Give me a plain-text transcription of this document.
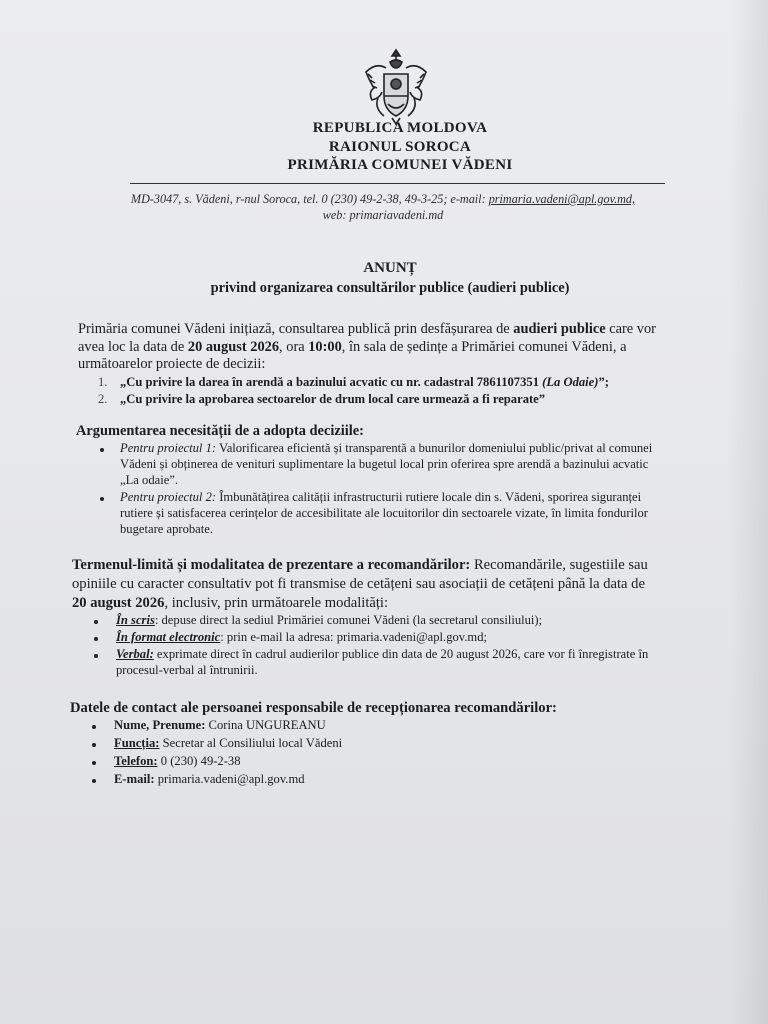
REPUBLICA MOLDOVA
RAIONUL SOROCA
PRIMĂRIA COMUNEI VĂDENI
MD-3047, s. Vădeni, r-nul Soroca, tel. 0 (230) 49-2-38, 49-3-25; e-mail: primaria.vadeni@apl.gov.md,
web: primariavadeni.md
ANUNȚ
privind organizarea consultărilor publice (audieri publice)
Primăria comunei Vădeni inițiază, consultarea publică prin desfășurarea de audieri publice care vor
avea loc la data de 20 august 2026, ora 10:00, în sala de ședințe a Primăriei comunei Vădeni, a
următoarelor proiecte de decizii:
1. „Cu privire la darea în arendă a bazinului acvatic cu nr. cadastral 7861107351 (La Odaie)”;
2. „Cu privire la aprobarea sectoarelor de drum local care urmează a fi reparate”
Argumentarea necesității de a adopta deciziile:
Pentru proiectul 1: Valorificarea eficientă și transparentă a bunurilor domeniului public/privat al comunei
Vădeni și obținerea de venituri suplimentare la bugetul local prin oferirea spre arendă a bazinului acvatic
„La odaie”.
Pentru proiectul 2: Îmbunătățirea calității infrastructurii rutiere locale din s. Vădeni, sporirea siguranței
rutiere și satisfacerea cerințelor de accesibilitate ale locuitorilor din sectoarele vizate, în limita fondurilor
bugetare aprobate.
Termenul-limită și modalitatea de prezentare a recomandărilor: Recomandările, sugestiile sau
opiniile cu caracter consultativ pot fi transmise de cetățeni sau asociații de cetățeni până la data de
20 august 2026, inclusiv, prin următoarele modalități:
În scris: depuse direct la sediul Primăriei comunei Vădeni (la secretarul consiliului);
În format electronic: prin e-mail la adresa: primaria.vadeni@apl.gov.md;
Verbal: exprimate direct în cadrul audierilor publice din data de 20 august 2026, care vor fi înregistrate în
procesul-verbal al întrunirii.
Datele de contact ale persoanei responsabile de recepționarea recomandărilor:
Nume, Prenume: Corina UNGUREANU
Funcția: Secretar al Consiliului local Vădeni
Telefon: 0 (230) 49-2-38
E-mail: primaria.vadeni@apl.gov.md
